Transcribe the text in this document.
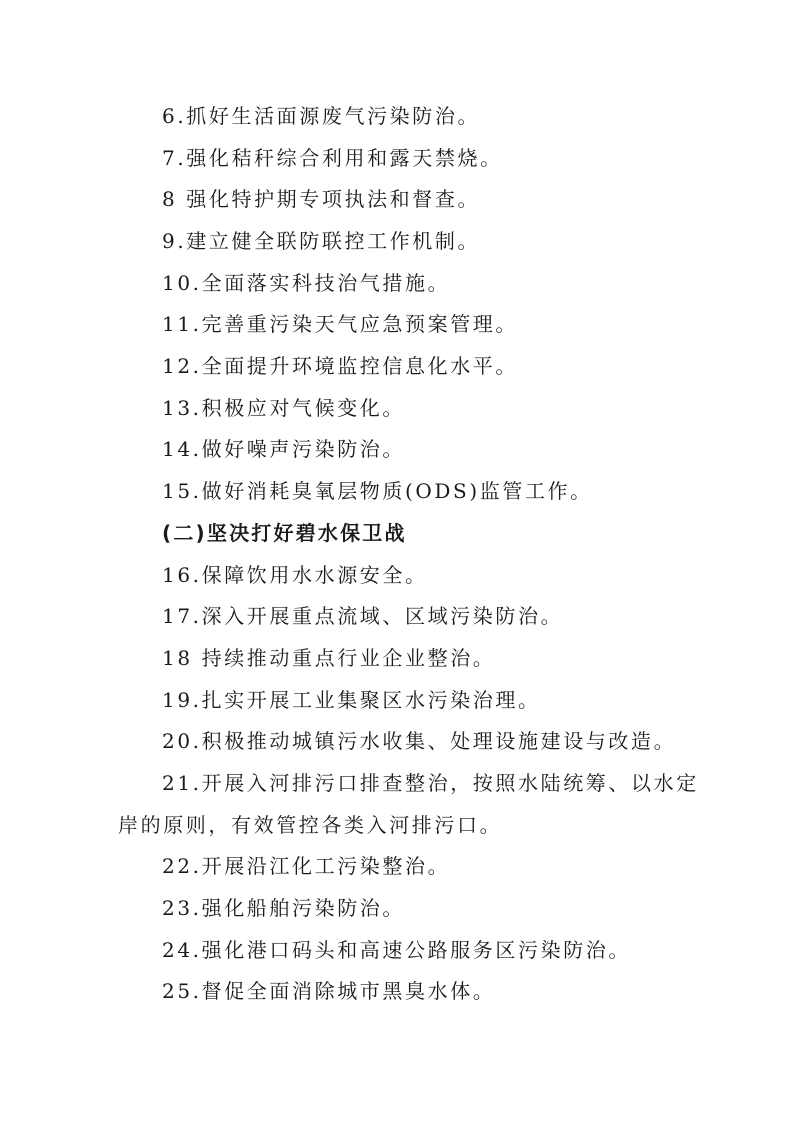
6.抓好生活面源废气污染防治。
7.强化秸秆综合利用和露天禁烧。
8 强化特护期专项执法和督查。
9.建立健全联防联控工作机制。
10.全面落实科技治气措施。
11.完善重污染天气应急预案管理。
12.全面提升环境监控信息化水平。
13.积极应对气候变化。
14.做好噪声污染防治。
15.做好消耗臭氧层物质(ODS)监管工作。
(二)坚决打好碧水保卫战
16.保障饮用水水源安全。
17.深入开展重点流域、区域污染防治。
18 持续推动重点行业企业整治。
19.扎实开展工业集聚区水污染治理。
20.积极推动城镇污水收集、处理设施建设与改造。
21.开展入河排污口排查整治，按照水陆统筹、以水定
岸的原则，有效管控各类入河排污口。
22.开展沿江化工污染整治。
23.强化船舶污染防治。
24.强化港口码头和高速公路服务区污染防治。
25.督促全面消除城市黑臭水体。
